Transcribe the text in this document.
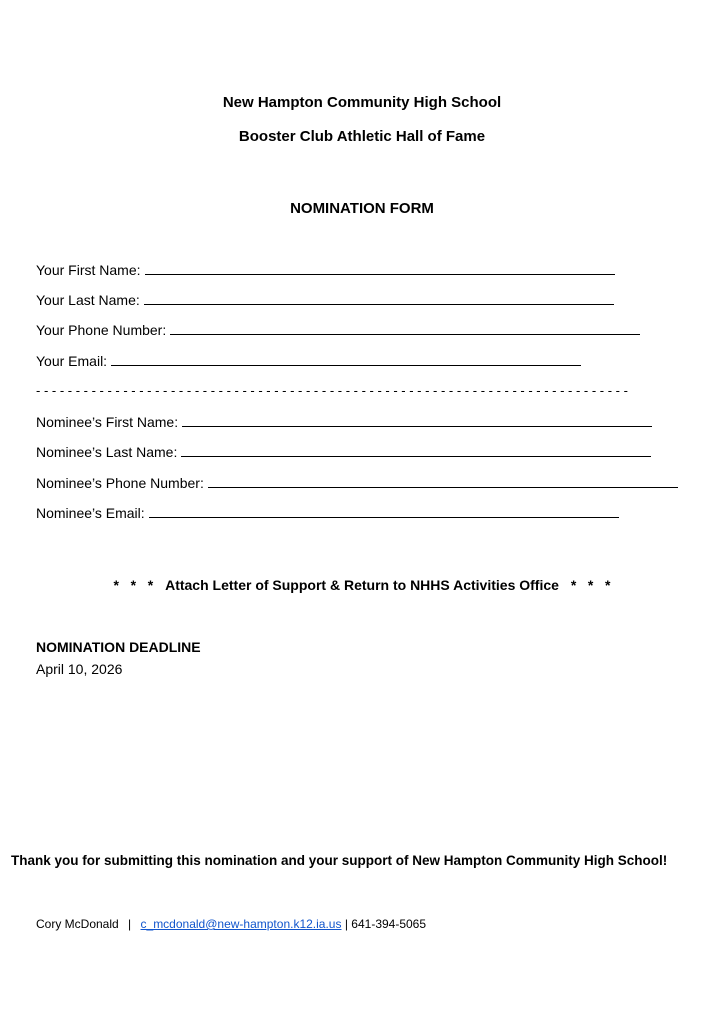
New Hampton Community High School
Booster Club Athletic Hall of Fame
NOMINATION FORM
Your First Name:
Your Last Name:
Your Phone Number:
Your Email:
- - - - - - - - - - - - - - - - - - - - - - - - - - - - - - - - - - - - - - - - - - - - - - - - - - - - - - - - - - - - - - - - - - - - - - - - - - -
Nominee’s First Name:
Nominee’s Last Name:
Nominee’s Phone Number:
Nominee’s Email:
*   *   * Attach Letter of Support & Return to NHHS Activities Office *   *   *
NOMINATION DEADLINE
April 10, 2026
Thank you for submitting this nomination and your support of New Hampton Community High School!
Cory McDonald | c_mcdonald@new-hampton.k12.ia.us | 641-394-5065
